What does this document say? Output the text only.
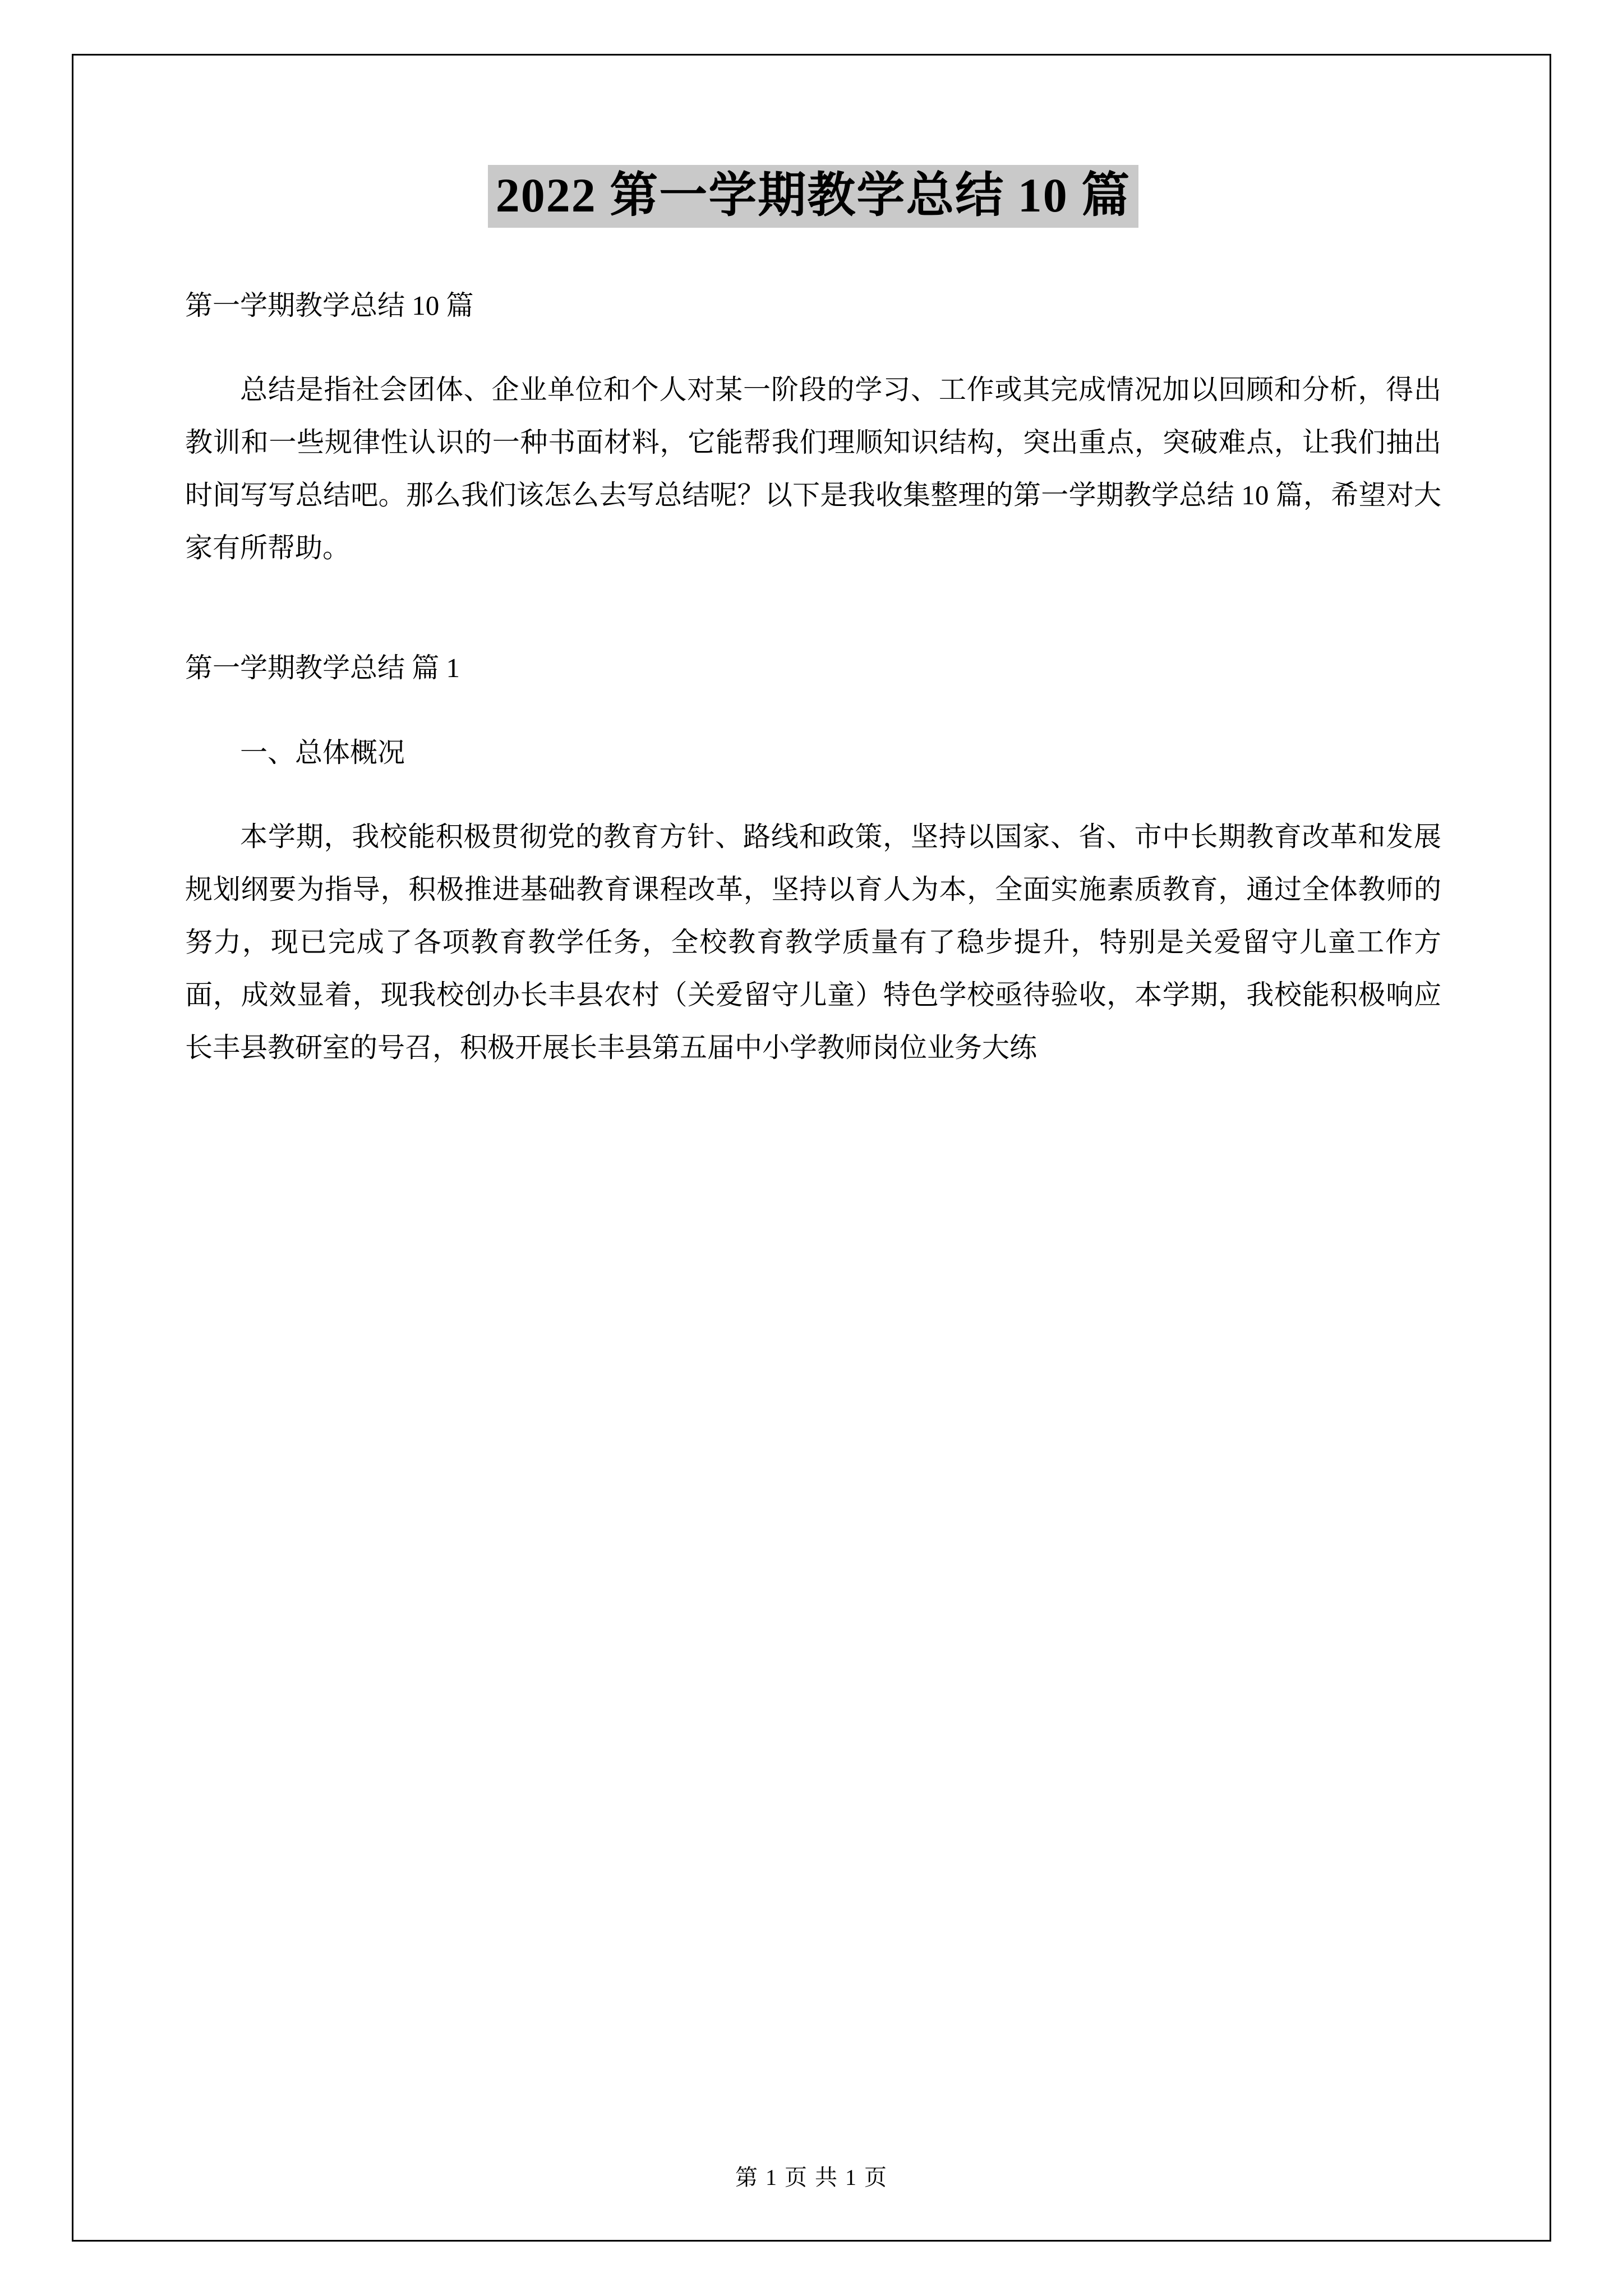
2022 第一学期教学总结 10 篇

第一学期教学总结 10 篇

总结是指社会团体、企业单位和个人对某一阶段的学习、工作或其完成情况加以回顾和分析，得出教训和一些规律性认识的一种书面材料，它能帮我们理顺知识结构，突出重点，突破难点，让我们抽出时间写写总结吧。那么我们该怎么去写总结呢？以下是我收集整理的第一学期教学总结 10 篇，希望对大家有所帮助。

第一学期教学总结 篇 1

一、总体概况

本学期，我校能积极贯彻党的教育方针、路线和政策，坚持以国家、省、市中长期教育改革和发展规划纲要为指导，积极推进基础教育课程改革，坚持以育人为本，全面实施素质教育，通过全体教师的努力，现已完成了各项教育教学任务，全校教育教学质量有了稳步提升，特别是关爱留守儿童工作方面，成效显着，现我校创办长丰县农村（关爱留守儿童）特色学校亟待验收，本学期，我校能积极响应长丰县教研室的号召，积极开展长丰县第五届中小学教师岗位业务大练

第 1 页 共 1 页
